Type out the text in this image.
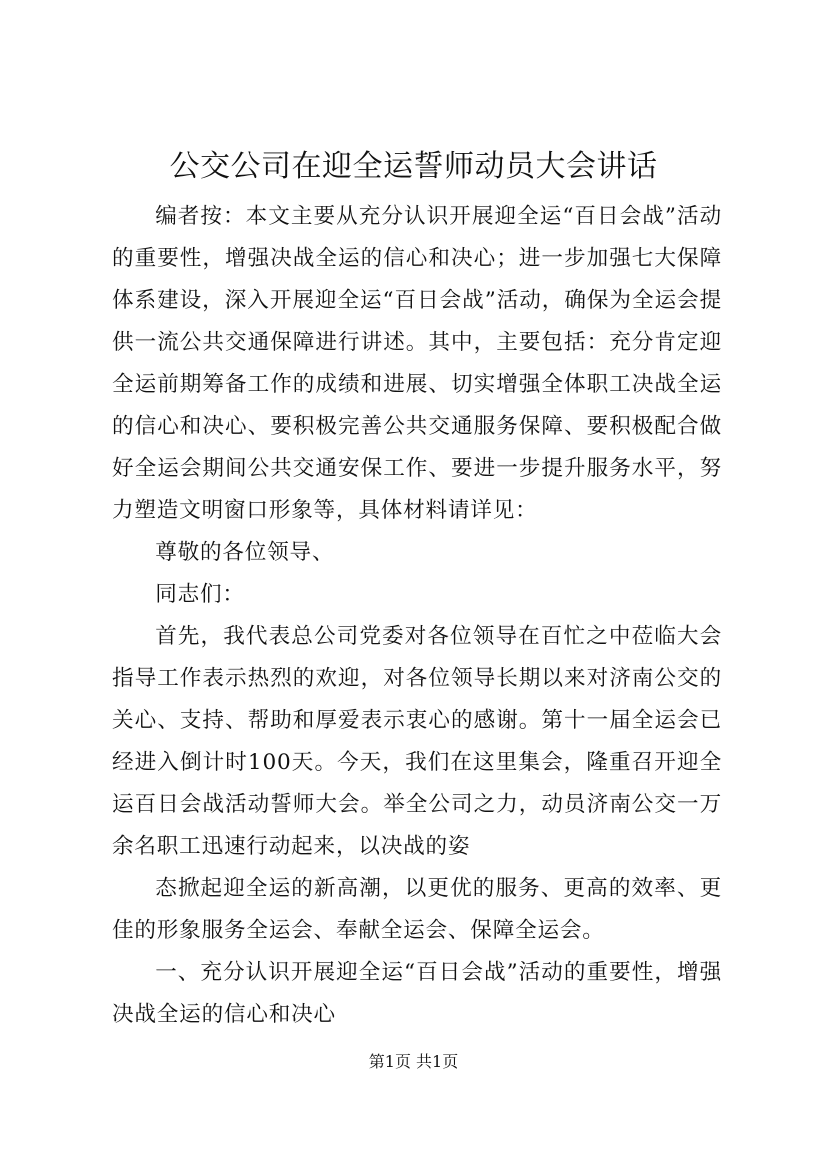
公交公司在迎全运誓师动员大会讲话

编者按：本文主要从充分认识开展迎全运“百日会战”活动的重要性，增强决战全运的信心和决心；进一步加强七大保障体系建设，深入开展迎全运“百日会战”活动，确保为全运会提供一流公共交通保障进行讲述。其中，主要包括：充分肯定迎全运前期筹备工作的成绩和进展、切实增强全体职工决战全运的信心和决心、要积极完善公共交通服务保障、要积极配合做好全运会期间公共交通安保工作、要进一步提升服务水平，努力塑造文明窗口形象等，具体材料请详见：

尊敬的各位领导、

同志们：

首先，我代表总公司党委对各位领导在百忙之中莅临大会指导工作表示热烈的欢迎，对各位领导长期以来对济南公交的关心、支持、帮助和厚爱表示衷心的感谢。第十一届全运会已经进入倒计时100天。今天，我们在这里集会，隆重召开迎全运百日会战活动誓师大会。举全公司之力，动员济南公交一万余名职工迅速行动起来，以决战的姿

态掀起迎全运的新高潮，以更优的服务、更高的效率、更佳的形象服务全运会、奉献全运会、保障全运会。

一、充分认识开展迎全运“百日会战”活动的重要性，增强决战全运的信心和决心

第1页 共1页
